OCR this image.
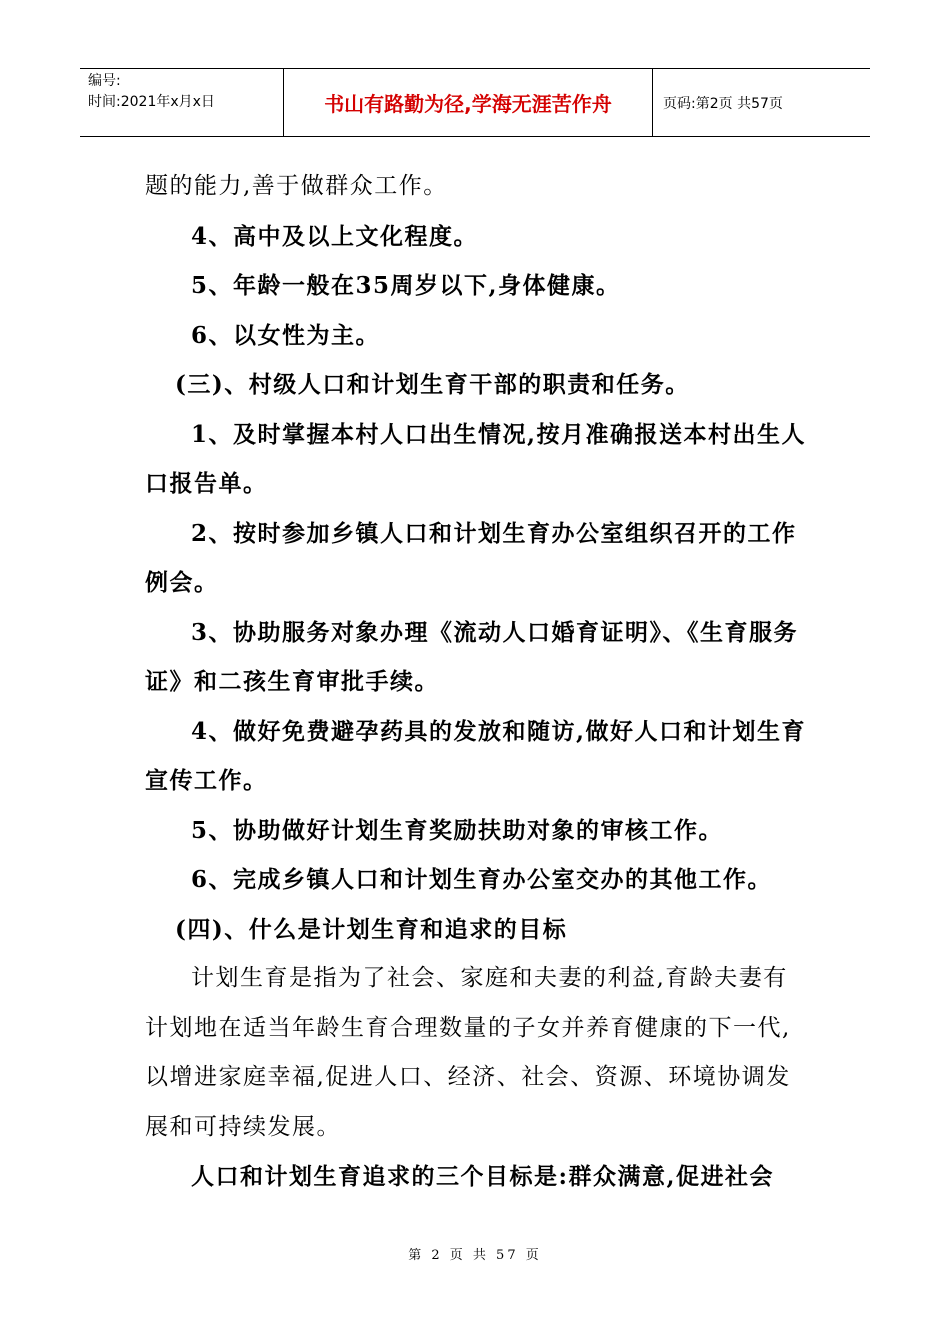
编号:
时间:2021年x月x日	书山有路勤为径,学海无涯苦作舟	页码:第2页 共57页

题的能力,善于做群众工作。

4、高中及以上文化程度。

5、年龄一般在35周岁以下,身体健康。

6、以女性为主。

(三)、村级人口和计划生育干部的职责和任务。

1、及时掌握本村人口出生情况,按月准确报送本村出生人口报告单。

2、按时参加乡镇人口和计划生育办公室组织召开的工作例会。

3、协助服务对象办理《流动人口婚育证明》、《生育服务证》和二孩生育审批手续。

4、做好免费避孕药具的发放和随访,做好人口和计划生育宣传工作。

5、协助做好计划生育奖励扶助对象的审核工作。

6、完成乡镇人口和计划生育办公室交办的其他工作。

(四)、什么是计划生育和追求的目标

计划生育是指为了社会、家庭和夫妻的利益,育龄夫妻有计划地在适当年龄生育合理数量的子女并养育健康的下一代,以增进家庭幸福,促进人口、经济、社会、资源、环境协调发展和可持续发展。

人口和计划生育追求的三个目标是:群众满意,促进社会

第 2 页 共 57 页
